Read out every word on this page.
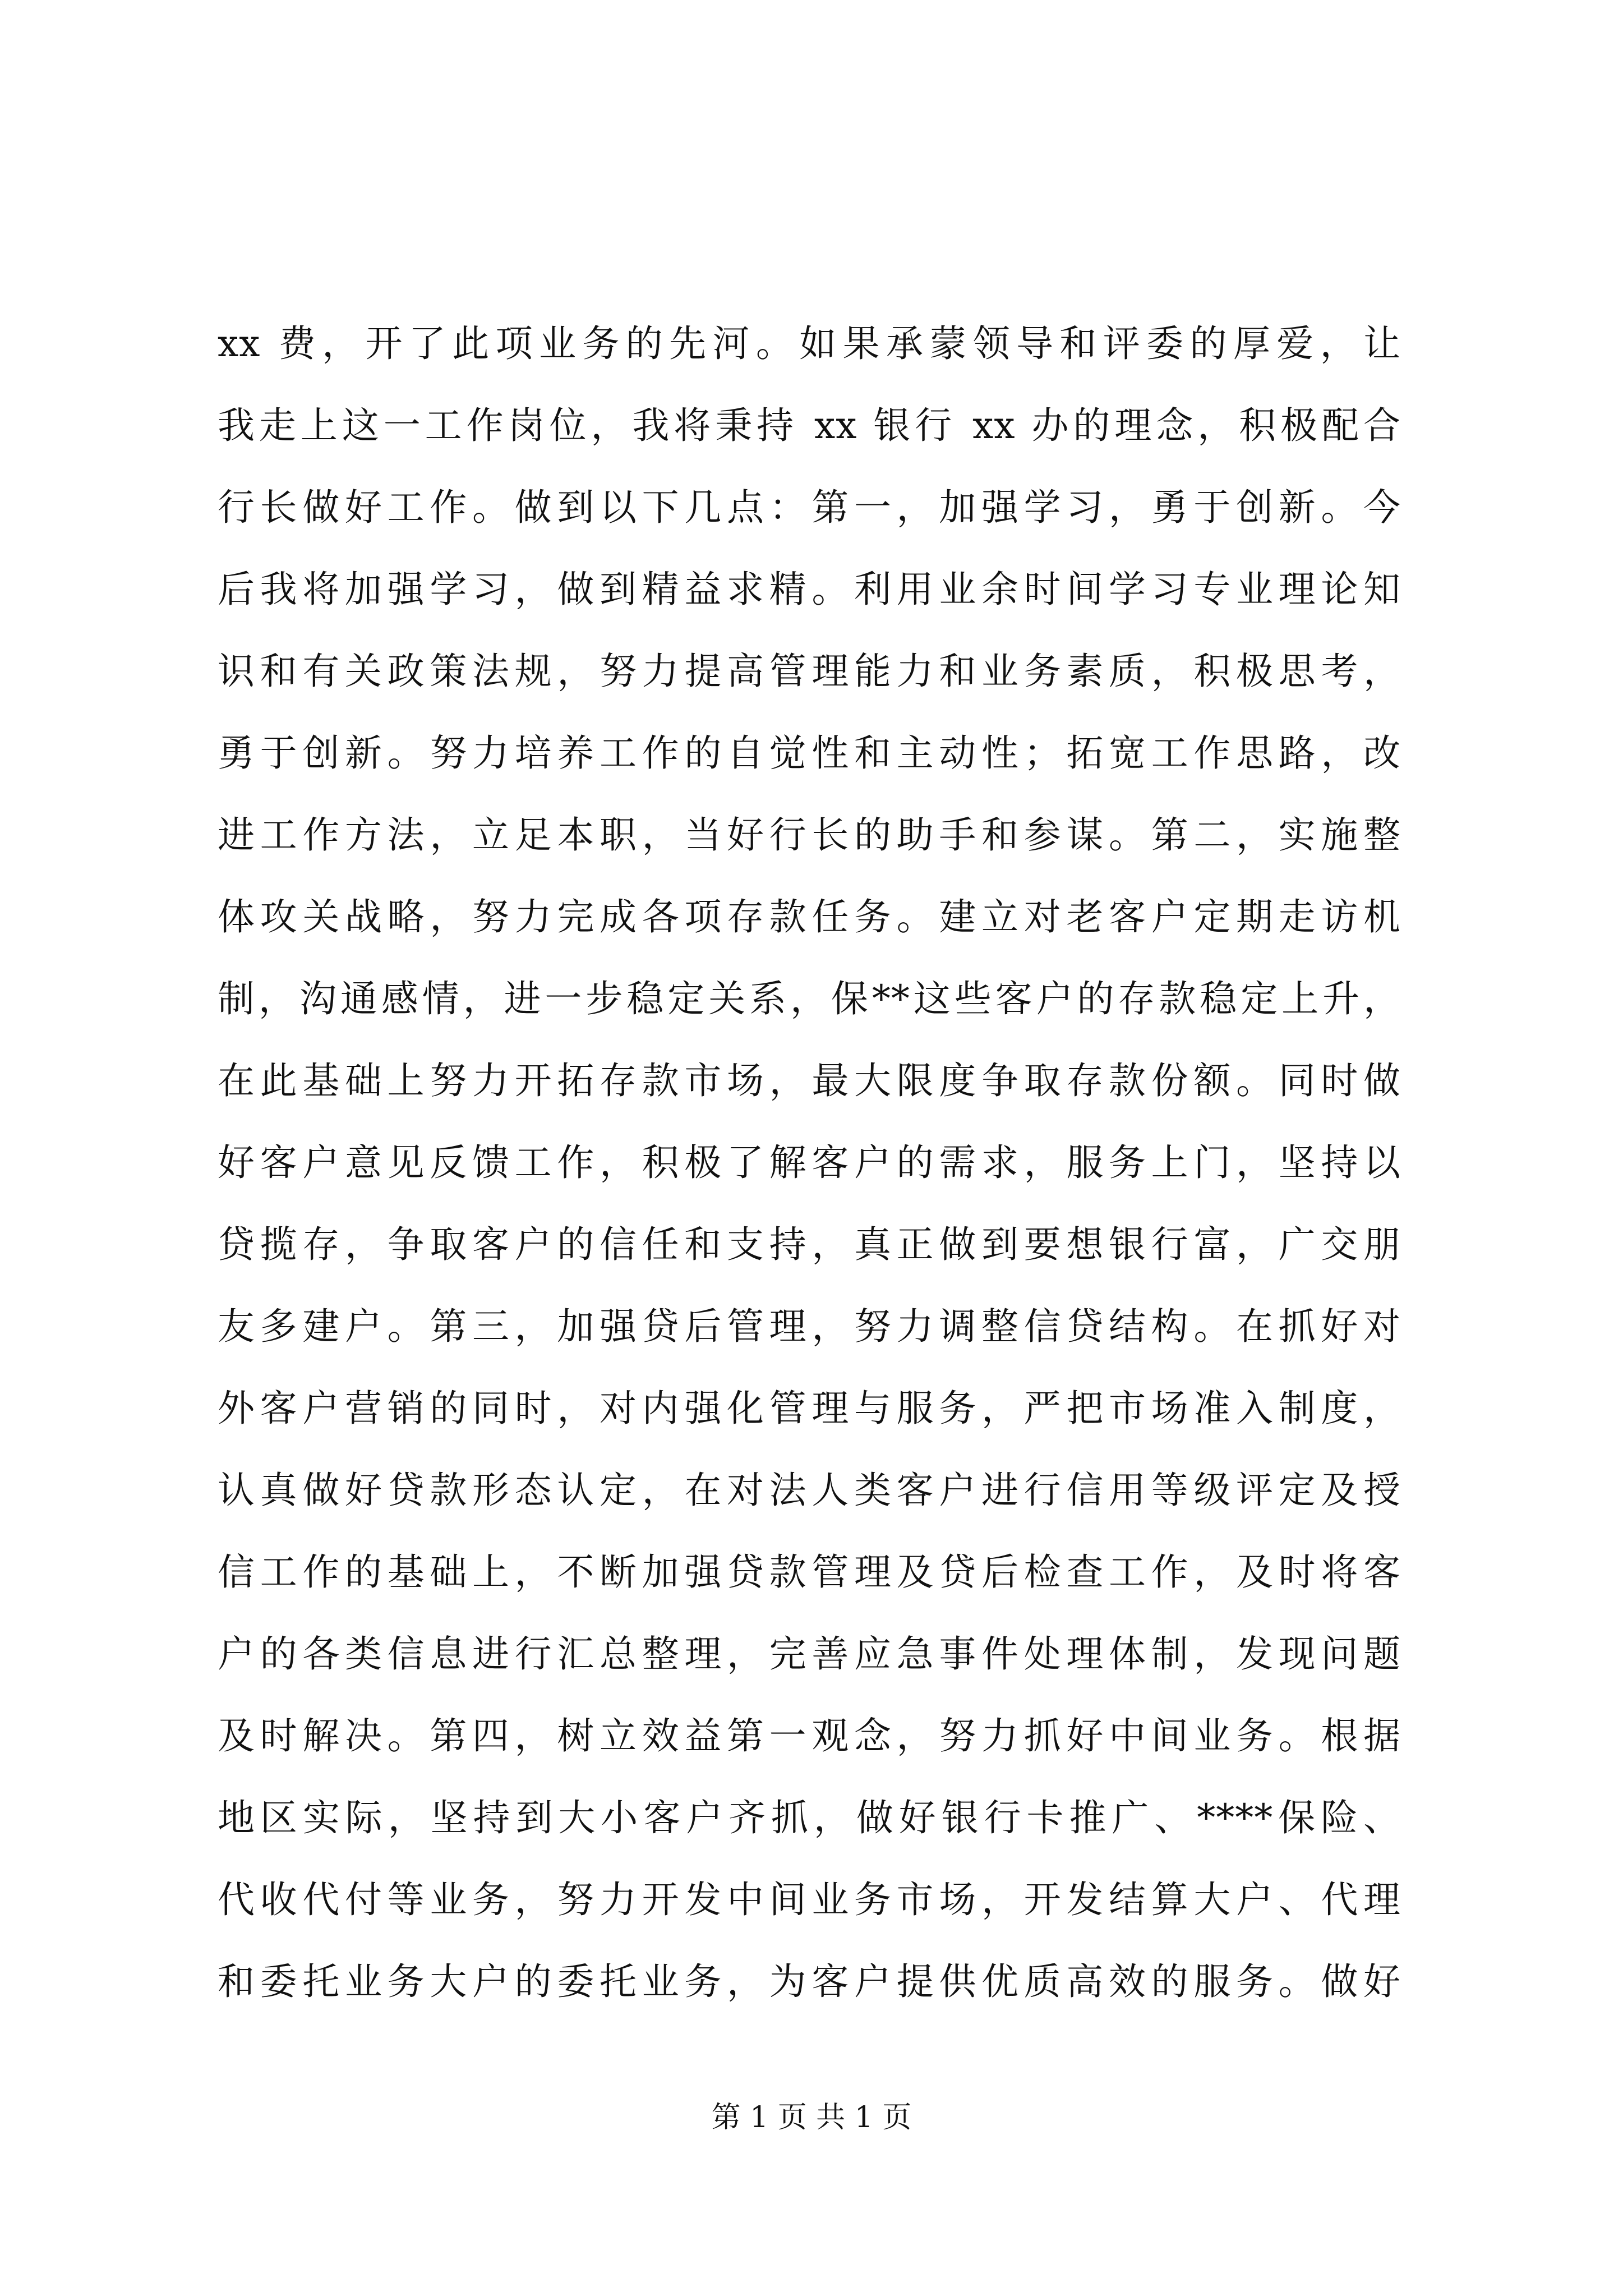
xx 费，开了此项业务的先河。如果承蒙领导和评委的厚爱，让
我走上这一工作岗位，我将秉持 xx 银行 xx 办的理念，积极配合
行长做好工作。做到以下几点：第一，加强学习，勇于创新。今
后我将加强学习，做到精益求精。利用业余时间学习专业理论知
识和有关政策法规，努力提高管理能力和业务素质，积极思考，
勇于创新。努力培养工作的自觉性和主动性；拓宽工作思路，改
进工作方法，立足本职，当好行长的助手和参谋。第二，实施整
体攻关战略，努力完成各项存款任务。建立对老客户定期走访机
制，沟通感情，进一步稳定关系，保**这些客户的存款稳定上升，
在此基础上努力开拓存款市场，最大限度争取存款份额。同时做
好客户意见反馈工作，积极了解客户的需求，服务上门，坚持以
贷揽存，争取客户的信任和支持，真正做到要想银行富，广交朋
友多建户。第三，加强贷后管理，努力调整信贷结构。在抓好对
外客户营销的同时，对内强化管理与服务，严把市场准入制度，
认真做好贷款形态认定，在对法人类客户进行信用等级评定及授
信工作的基础上，不断加强贷款管理及贷后检查工作，及时将客
户的各类信息进行汇总整理，完善应急事件处理体制，发现问题
及时解决。第四，树立效益第一观念，努力抓好中间业务。根据
地区实际，坚持到大小客户齐抓，做好银行卡推广、****保险、
代收代付等业务，努力开发中间业务市场，开发结算大户、代理
和委托业务大户的委托业务，为客户提供优质高效的服务。做好
第 1 页 共 1 页
